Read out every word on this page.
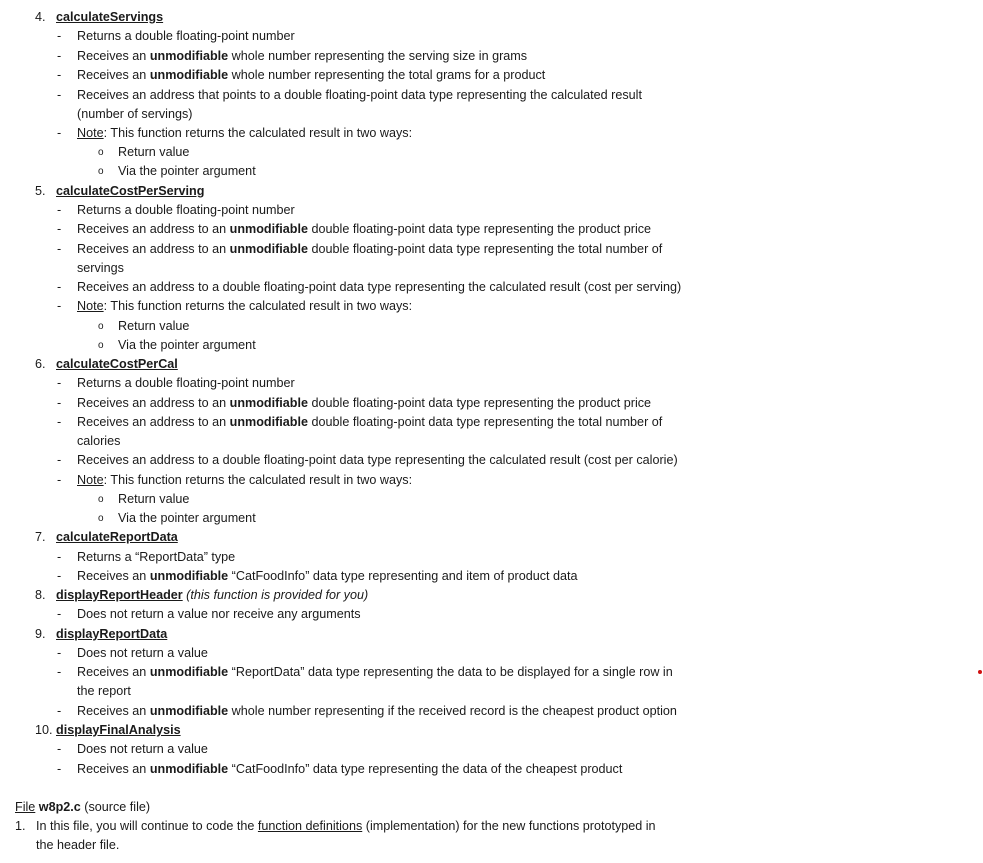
4. calculateServings
- Returns a double floating-point number
- Receives an unmodifiable whole number representing the serving size in grams
- Receives an unmodifiable whole number representing the total grams for a product
- Receives an address that points to a double floating-point data type representing the calculated result
(number of servings)
- Note: This function returns the calculated result in two ways:
o Return value
o Via the pointer argument
5. calculateCostPerServing
- Returns a double floating-point number
- Receives an address to an unmodifiable double floating-point data type representing the product price
- Receives an address to an unmodifiable double floating-point data type representing the total number of
servings
- Receives an address to a double floating-point data type representing the calculated result (cost per serving)
- Note: This function returns the calculated result in two ways:
o Return value
o Via the pointer argument
6. calculateCostPerCal
- Returns a double floating-point number
- Receives an address to an unmodifiable double floating-point data type representing the product price
- Receives an address to an unmodifiable double floating-point data type representing the total number of
calories
- Receives an address to a double floating-point data type representing the calculated result (cost per calorie)
- Note: This function returns the calculated result in two ways:
o Return value
o Via the pointer argument
7. calculateReportData
- Returns a “ReportData” type
- Receives an unmodifiable “CatFoodInfo” data type representing and item of product data
8. displayReportHeader (this function is provided for you)
- Does not return a value nor receive any arguments
9. displayReportData
- Does not return a value
- Receives an unmodifiable “ReportData” data type representing the data to be displayed for a single row in
the report
- Receives an unmodifiable whole number representing if the received record is the cheapest product option
10. displayFinalAnalysis
- Does not return a value
- Receives an unmodifiable “CatFoodInfo” data type representing the data of the cheapest product
File w8p2.c (source file)
1. In this file, you will continue to code the function definitions (implementation) for the new functions prototyped in
the header file.
